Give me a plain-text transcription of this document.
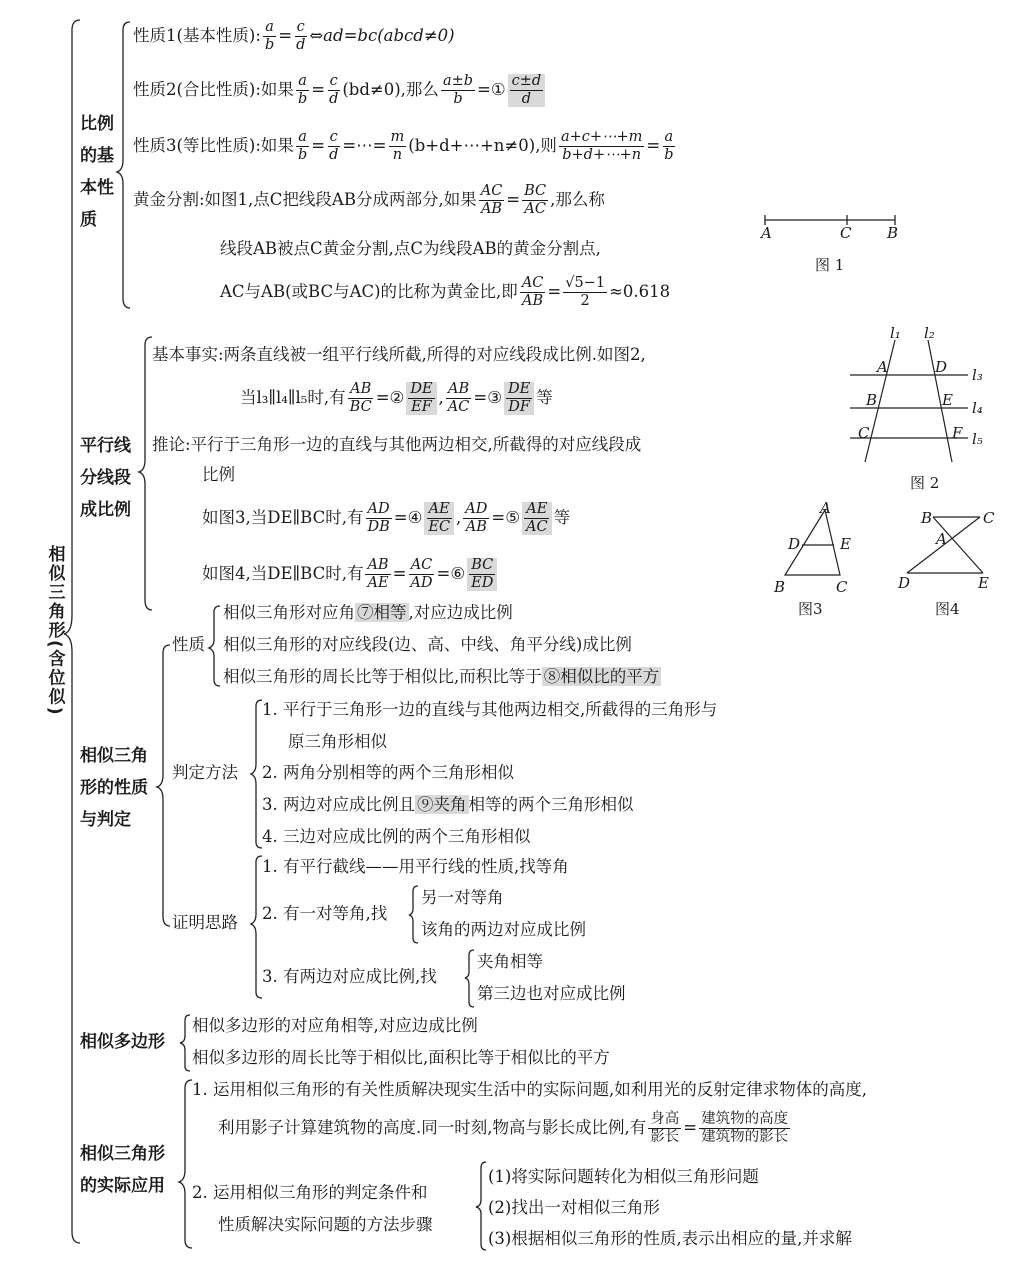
相似三角形(含位似)
比例
的基
本性
质
性质1(基本性质): $\frac{a}{b} = \frac{c}{d}$ ⇔ad=bc(abcd≠0)
性质2(合比性质):如果 $\frac{a}{b} = \frac{c}{d} (bd\ne 0)$,那么 $\frac{a\pm b}{b}$ =① $\frac{c\pm d}{d}$
性质3(等比性质):如果 $\frac{a}{b} = \frac{c}{d}$ =⋯= $\frac{m}{n}$ (b+d+⋯+n≠0),则 $\frac{a+c+\cdots+m}{b+d+\cdots+n} = \frac{a}{b}$
黄金分割:如图1,点C把线段AB分成两部分,如果 $\frac{AC}{AB} = \frac{BC}{AC}$ ,那么称
线段AB被点C黄金分割,点C为线段AB的黄金分割点,
AC与AB(或BC与AC)的比称为黄金比,即 $\frac{AC}{AB} = \frac{√5-1}{2} \approx 0.618$
A	C B
图 1
平行线
分线段
成比例
基本事实:两条直线被一组平行线所截,所得的对应线段成比例.如图2,
当l₃∥l₄∥l₅时,有 $\frac{AB}{BC}$ =② $\frac{DE}{EF}$ , $\frac{AB}{AC}$ =③ $\frac{DE}{DF}$ 等
推论:平行于三角形一边的直线与其他两边相交,所截得的对应线段成
比例
如图3,当DE∥BC时,有 $\frac{AD}{DB}$ =④ $\frac{AE}{EC}$ , $\frac{AD}{AB}$ =⑤ $\frac{AE}{AC}$ 等
如图4,当DE∥BC时,有 $\frac{AB}{AE} = \frac{AC}{AD}$ =⑥ $\frac{BC}{ED}$
l₁ l₂
l₃
l₄
l₅
A
B
C
D
E
F
图 2
A
D	E
B	C
图3
B	C
A
D	E
图4
相似三角
形的性质
与判定
性质
相似三角形对应角 ⑦相等 ,对应边成比例
相似三角形的对应线段(边、高、中线、角平分线)成比例
相似三角形的周长比等于相似比,而积比等于 ⑧相似比的平方
判定方法
1. 平行于三角形一边的直线与其他两边相交,所截得的三角形与
原三角形相似
2. 两角分别相等的两个三角形相似
3. 两边对应成比例且 ⑨夹角 相等的两个三角形相似
4. 三边对应成比例的两个三角形相似
证明思路
1. 有平行截线——用平行线的性质,找等角
2. 有一对等角,找
另一对等角
该角的两边对应成比例
3. 有两边对应成比例,找
夹角相等
第三边也对应成比例
相似多边形
相似多边形的对应角相等,对应边成比例
相似多边形的周长比等于相似比,面积比等于相似比的平方
相似三角形
的实际应用
1. 运用相似三角形的有关性质解决现实生活中的实际问题,如利用光的反射定律求物体的高度,
利用影子计算建筑物的高度.同一时刻,物高与影长成比例,有 $\frac{\text{身高}}{\text{影长}} = \frac{\text{建筑物的高度}}{\text{建筑物的影长}}$
2. 运用相似三角形的判定条件和
性质解决实际问题的方法步骤
(1)将实际问题转化为相似三角形问题
(2)找出一对相似三角形
(3)根据相似三角形的性质,表示出相应的量,并求解
